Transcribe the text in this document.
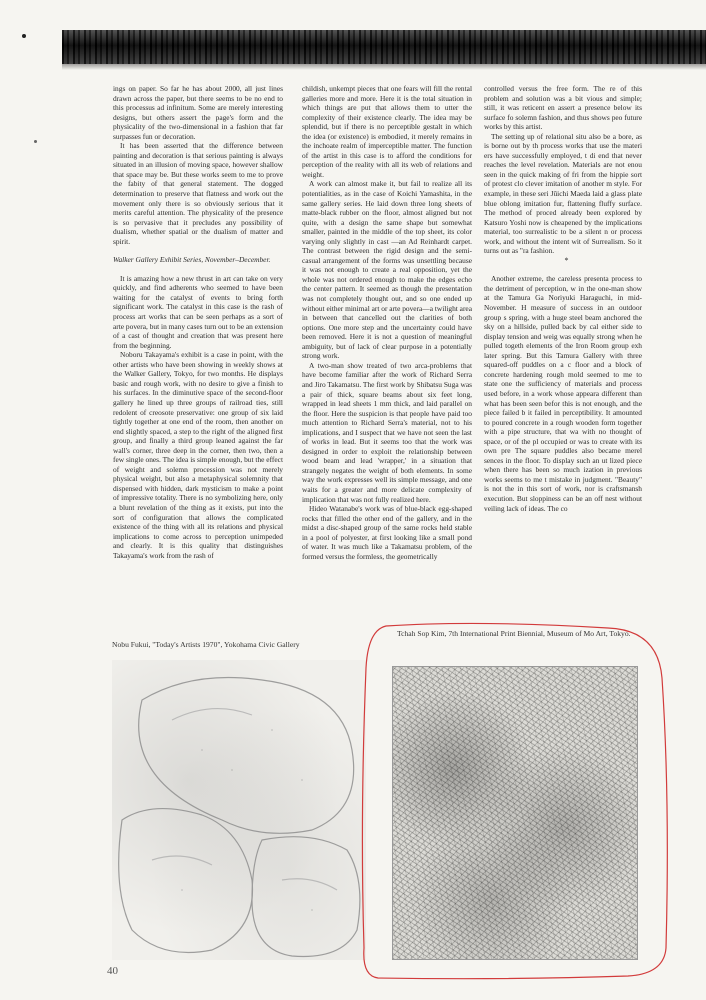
ings on paper. So far he has about 2000, all just lines drawn across the paper, but there seems to be no end to this processus ad infinitum. Some are merely interesting designs, but others assert the page's form and the physicality of the two-dimensional in a fashion that far surpasses fun or decoration.

It has been asserted that the difference between painting and decoration is that serious painting is always situated in an illusion of moving space, however shallow that space may be. But these works seem to me to prove the fabity of that general statement. The dogged determination to preserve that flatness and work out the movement only there is so obviously serious that it merits careful attention. The physicality of the presence is so pervasive that it precludes any possibility of dualism, whether spatial or the dualism of matter and spirit.

Walker Gallery Exhibit Series, November–December.

It is amazing how a new thrust in art can take on very quickly, and find adherents who seemed to have been waiting for the catalyst of events to bring forth significant work. The catalyst in this case is the rash of process art works that can be seen perhaps as a sort of arte povera, but in many cases turn out to be an extension of a cast of thought and creation that was present here from the beginning.

Noboru Takayama's exhibit is a case in point, with the other artists who have been showing in weekly shows at the Walker Gallery, Tokyo, for two months. He displays basic and rough work, with no desire to give a finish to his surfaces. In the diminutive space of the second-floor gallery he lined up three groups of railroad ties, still redolent of creosote preservative: one group of six laid tightly together at one end of the room, then another on end slightly spaced, a step to the right of the aligned first group, and finally a third group leaned against the far wall's corner, three deep in the corner, then two, then a few single ones. The idea is simple enough, but the effect of weight and solemn procession was not merely physical weight, but also a metaphysical solemnity that dispensed with hidden, dark mysticism to make a point of impressive totality. There is no symbolizing here, only a blunt revelation of the thing as it exists, put into the sort of configuration that allows the complicated existence of the thing with all its relations and physical implications to come across to perception unimpeded and clearly. It is this quality that distinguishes Takayama's work from the rash of

childish, unkempt pieces that one fears will fill the rental galleries more and more. Here it is the total situation in which things are put that allows them to utter the complexity of their existence clearly. The idea may be splendid, but if there is no perceptible gestalt in which the idea (or existence) is embodied, it merely remains in the inchoate realm of imperceptible matter. The function of the artist in this case is to afford the conditions for perception of the reality with all its web of relations and weight.

A work can almost make it, but fail to realize all its potentialities, as in the case of Koichi Yamashita, in the same gallery series. He laid down three long sheets of matte-black rubber on the floor, almost aligned but not quite, with a design the same shape but somewhat smaller, painted in the middle of the top sheet, its color varying only slightly in cast —an Ad Reinhardt carpet. The contrast between the rigid design and the semi-casual arrangement of the forms was unsettling because it was not enough to create a real opposition, yet the whole was not ordered enough to make the edges echo the center pattern. It seemed as though the presentation was not completely thought out, and so one ended up without either minimal art or arte povera—a twilight area in between that cancelled out the clarities of both options. One more step and the uncertainty could have been removed. Here it is not a question of meaningful ambiguity, but of lack of clear purpose in a potentially strong work.

A two-man show treated of two arca-problems that have become familiar after the work of Richard Serra and Jiro Takamatsu. The first work by Shibatsu Suga was a pair of thick, square beams about six feet long, wrapped in lead sheets 1 mm thick, and laid parallel on the floor. Here the suspicion is that people have paid too much attention to Richard Serra's material, not to his implications, and I suspect that we have not seen the last of works in lead. But it seems too that the work was designed in order to exploit the relationship between wood beam and lead 'wrapper,' in a situation that strangely negates the weight of both elements. In some way the work expresses well its simple message, and one waits for a greater and more delicate complexity of implication that was not fully realized here.

Hideo Watanabe's work was of blue-black egg-shaped rocks that filled the other end of the gallery, and in the midst a disc-shaped group of the same rocks held stable in a pool of polyester, at first looking like a small pond of water. It was much like a Takamatsu problem, of the formed versus the formless, the geometrically

controlled versus the free form. The re of this problem and solution was a bit vious and simple; still, it was reticent en assert a presence below its surface fo solemn fashion, and thus shows peo future works by this artist.

The setting up of relational situ also be a bore, as is borne out by th process works that use the materi ers have successfully employed, t di end that never reaches the level revelation. Materials are not enou seen in the quick making of fri from the hippie sort of protest clo clever imitation of another m style. For example, in these seri Jūichi Maeda laid a glass plate blue oblong imitation fur, flattening fluffy surface. The method of proced already been explored by Katsuro Yoshi now is cheapened by the implications material, too surrealistic to be a silent n or process work, and without the intent wit of Surrealism. So it turns out as "ra fashion.

*

Another extreme, the careless presenta process to the detriment of perception, w in the one-man show at the Tamura Ga Noriyuki Haraguchi, in mid-November. H measure of success in an outdoor group s spring, with a huge steel beam anchored the sky on a hillside, pulled back by cal either side to display tension and weig was equally strong when he pulled togeth elements of the Iron Room group exh later spring. But this Tamura Gallery with three squared-off puddles on a c floor and a block of concrete hardening rough mold seemed to me to state one the sufficiency of materials and process used before, in a work whose appeara different than what has been seen befor this is not enough, and the piece failed b it failed in perceptibility. It amounted to poured concrete in a rough wooden form together with a pipe structure, that wa with no thought of space, or of the pl occupied or was to create with its own pre The square puddles also became merel sences in the floor. To display such an ut lized piece when there has been so much ization in previous works seems to me t mistake in judgment. "Beauty" is not the in this sort of work, nor is craftsmansh execution. But sloppiness can be an off nest without veiling lack of ideas. The co

Nobu Fukui, "Today's Artists 1970", Yokohama Civic Gallery
Tchah Sop Kim, 7th International Print Biennial, Museum of Mo Art, Tokyo.
40
